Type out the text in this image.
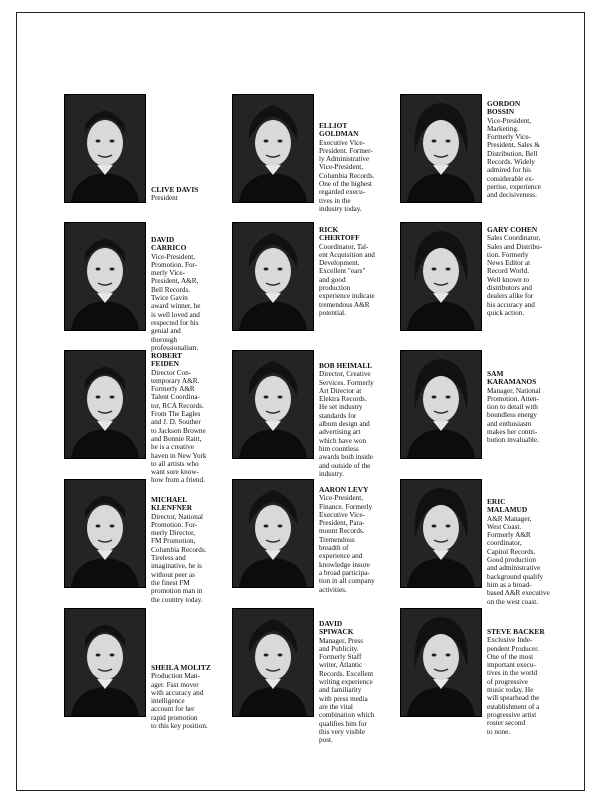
CLIVE DAVIS
President
ELLIOT
GOLDMAN
Executive Vice-
President. Former-
ly Administrative
Vice-President,
Columbia Records.
One of the highest
regarded execu-
tives in the
industry today.
GORDON
BOSSIN
Vice-President,
Marketing.
Formerly Vice-
President, Sales &
Distribution, Bell
Records. Widely
admired for his
considerable ex-
pertise, experience
and decisiveness.
DAVID
CARRICO
Vice-President,
Promotion. For-
merly Vice-
President, A&R,
Bell Records.
Twice Gavin
award winner, he
is well loved and
respected for his
genial and
thorough
professionalism.
RICK
CHERTOFF
Coordinator, Tal-
ent Acquisition and
Development.
Excellent "ears"
and good
production
experience indicate
tremendous A&R
potential.
GARY COHEN
Sales Coordinator,
Sales and Distribu-
tion. Formerly
News Editor at
Record World.
Well known to
distributors and
dealers alike for
his accuracy and
quick action.
ROBERT
FEIDEN
Director Con-
temporary A&R.
Formerly A&R
Talent Coordina-
tor, RCA Records.
From The Eagles
and J. D. Souther
to Jackson Browne
and Bonnie Raitt,
he is a creative
haven in New York
to all artists who
want sore know-
how from a friend.
BOB HEIMALL
Director, Creative
Services. Formerly
Art Director at
Elektra Records.
He set industry
standards for
album design and
advertising art
which have won
him countless
awards both inside
and outside of the
industry.
SAM
KARAMANOS
Manager, National
Promotion. Atten-
tion to detail with
boundless energy
and enthusiasm
makes her contri-
bution invaluable.
MICHAEL
KLENFNER
Director, National
Promotion. For-
merly Director,
FM Promotion,
Columbia Records.
Tireless and
imaginative, he is
without peer as
the finest FM
promotion man in
the country today.
AARON LEVY
Vice-President,
Finance. Formerly
Executive Vice-
President, Para-
mount Records.
Tremendous
breadth of
experience and
knowledge insure
a broad participa-
tion in all company
activities.
ERIC
MALAMUD
A&R Manager,
West Coast.
Formerly A&R
coordinator,
Capitol Records.
Good production
and administrative
background qualify
him as a broad-
based A&R executive
on the west coast.
SHEILA MOLITZ
Production Man-
ager. Fast mover
with accuracy and
intelligence
account for her
rapid promotion
to this key position.
DAVID
SPIWACK
Manager, Press
and Publicity.
Formerly Staff
writer, Atlantic
Records. Excellent
writing experience
and familiarity
with press media
are the vital
combination which
qualifies him for
this very visible
post.
STEVE BACKER
Exclusive Inde-
pendent Producer.
One of the most
important execu-
tives in the world
of progressive
music today. He
will spearhead the
establishment of a
progressive artist
roster second
to none.
